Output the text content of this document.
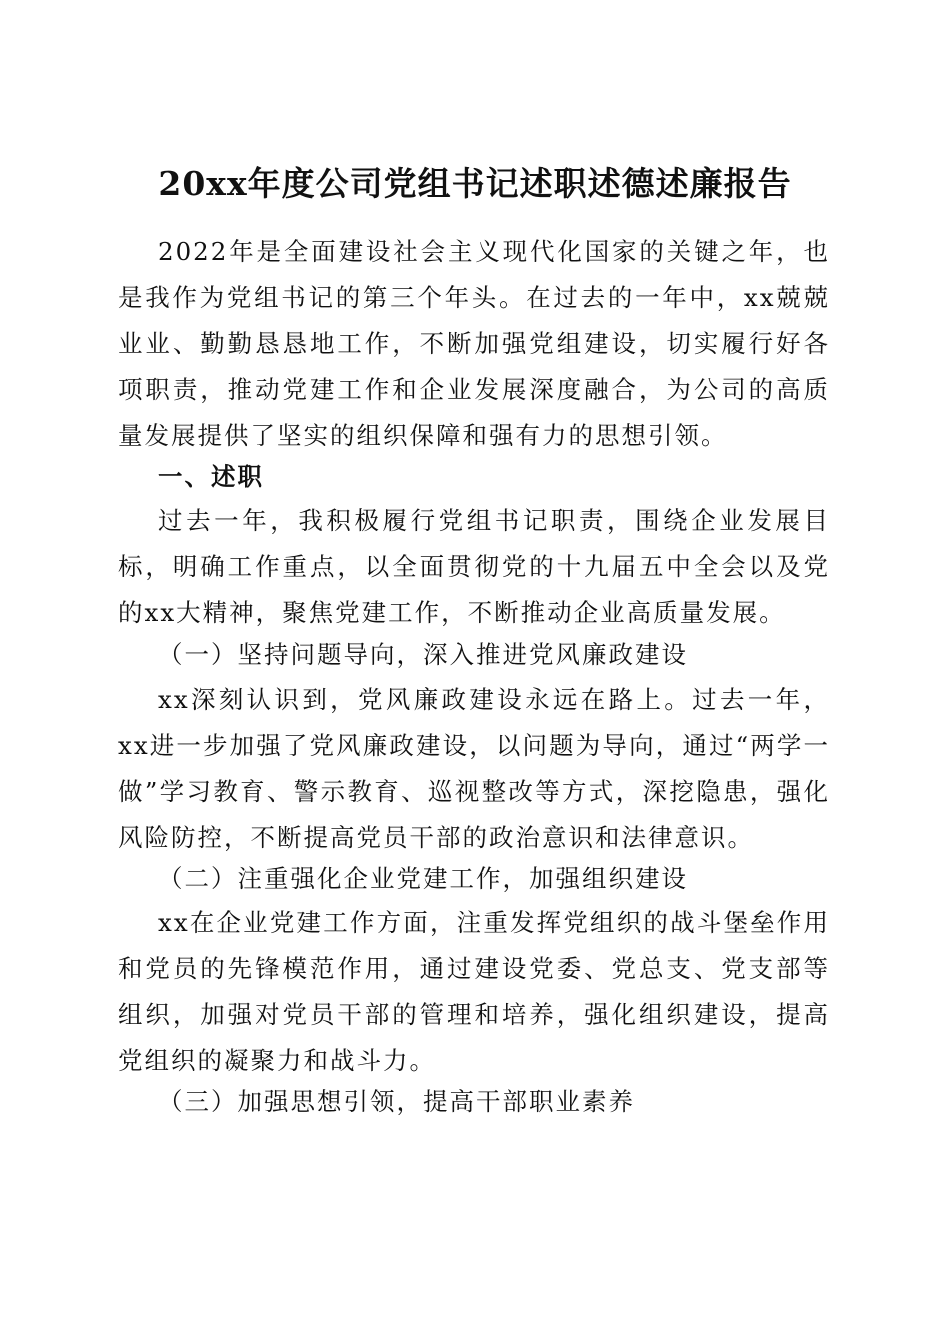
20xx年度公司党组书记述职述德述廉报告

2022年是全面建设社会主义现代化国家的关键之年，也是我作为党组书记的第三个年头。在过去的一年中，xx兢兢业业、勤勤恳恳地工作，不断加强党组建设，切实履行好各项职责，推动党建工作和企业发展深度融合，为公司的高质量发展提供了坚实的组织保障和强有力的思想引领。

一、述职

过去一年，我积极履行党组书记职责，围绕企业发展目标，明确工作重点，以全面贯彻党的十九届五中全会以及党的xx大精神，聚焦党建工作，不断推动企业高质量发展。

（一）坚持问题导向，深入推进党风廉政建设

xx深刻认识到，党风廉政建设永远在路上。过去一年，xx进一步加强了党风廉政建设，以问题为导向，通过“两学一做”学习教育、警示教育、巡视整改等方式，深挖隐患，强化风险防控，不断提高党员干部的政治意识和法律意识。

（二）注重强化企业党建工作，加强组织建设

xx在企业党建工作方面，注重发挥党组织的战斗堡垒作用和党员的先锋模范作用，通过建设党委、党总支、党支部等组织，加强对党员干部的管理和培养，强化组织建设，提高党组织的凝聚力和战斗力。

（三）加强思想引领，提高干部职业素养
